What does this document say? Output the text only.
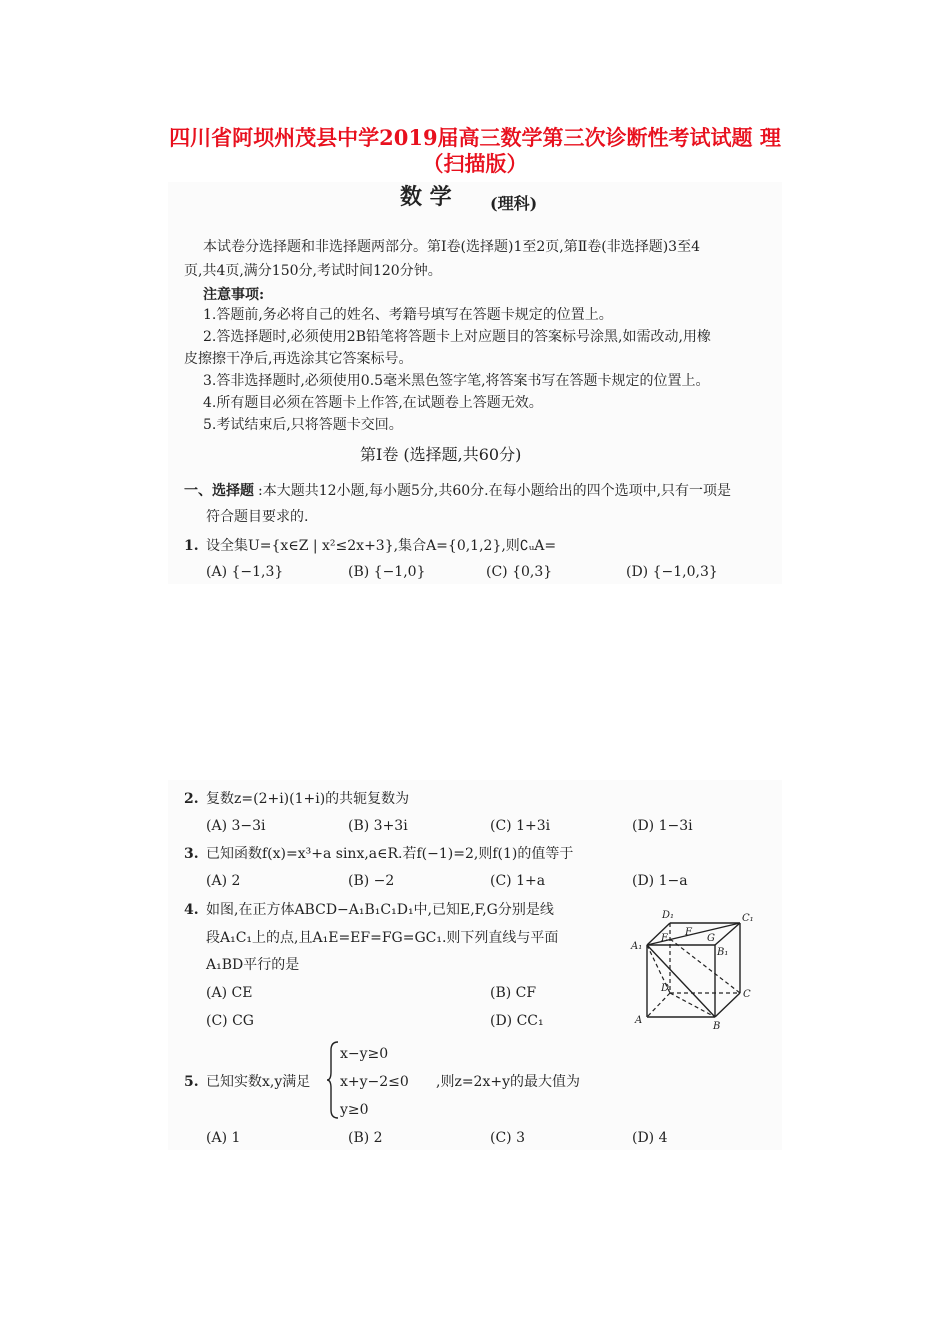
四川省阿坝州茂县中学2019届高三数学第三次诊断性考试试题 理
（扫描版）
数 学 (理科)
本试卷分选择题和非选择题两部分。第Ⅰ卷(选择题)1至2页,第Ⅱ卷(非选择题)3至4
页,共4页,满分150分,考试时间120分钟。
注意事项:
1.答题前,务必将自己的姓名、考籍号填写在答题卡规定的位置上。
2.答选择题时,必须使用2B铅笔将答题卡上对应题目的答案标号涂黑,如需改动,用橡
皮擦擦干净后,再选涂其它答案标号。
3.答非选择题时,必须使用0.5毫米黑色签字笔,将答案书写在答题卡规定的位置上。
4.所有题目必须在答题卡上作答,在试题卷上答题无效。
5.考试结束后,只将答题卡交回。
第Ⅰ卷 (选择题,共60分)
一、选择题 :本大题共12小题,每小题5分,共60分.在每小题给出的四个选项中,只有一项是
符合题目要求的.
1. 设全集U={x∈Z | x²≤2x+3},集合A={0,1,2},则∁ᵤA=
(A) {−1,3}	(B) {−1,0}	(C) {0,3}	(D) {−1,0,3}
2. 复数z=(2+i)(1+i)的共轭复数为
(A) 3−3i	(B) 3+3i	(C) 1+3i	(D) 1−3i
3. 已知函数f(x)=x³+a sinx,a∈R.若f(−1)=2,则f(1)的值等于
(A) 2	(B) −2	(C) 1+a	(D) 1−a
4. 如图,在正方体ABCD−A₁B₁C₁D₁中,已知E,F,G分别是线
段A₁C₁上的点,且A₁E=EF=FG=GC₁.则下列直线与平面
A₁BD平行的是
(A) CE	(B) CF
(C) CG	(D) CC₁
D₁	C₁
A₁
E
F
G
B₁
D
C
A
B
5. 已知实数x,y满足
x−y≥0
x+y−2≤0
y≥0
,则z=2x+y的最大值为
(A) 1	(B) 2	(C) 3	(D) 4
